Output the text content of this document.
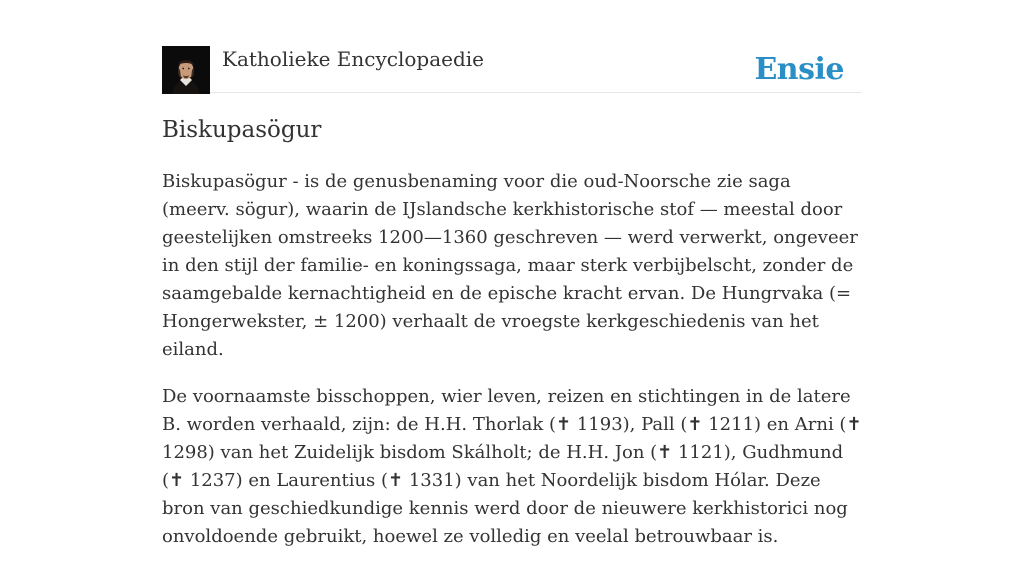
Katholieke Encyclopaedie	Ensie
Biskupasögur

Biskupasögur - is de genusbenaming voor die oud-Noorsche zie saga (meerv. sögur), waarin de IJslandsche kerkhistorische stof — meestal door geestelijken omstreeks 1200—1360 geschreven — werd verwerkt, ongeveer in den stijl der familie- en koningssaga, maar sterk verbijbelscht, zonder de saamgebalde kernachtigheid en de epische kracht ervan. De Hungrvaka (= Hongerwekster, ± 1200) verhaalt de vroegste kerkgeschiedenis van het eiland.

De voornaamste bisschoppen, wier leven, reizen en stichtingen in de latere B. worden verhaald, zijn: de H.H. Thorlak (✝ 1193), Pall (✝ 1211) en Arni (✝ 1298) van het Zuidelijk bisdom Skálholt; de H.H. Jon (✝ 1121), Gudhmund (✝ 1237) en Laurentius (✝ 1331) van het Noordelijk bisdom Hólar. Deze bron van geschiedkundige kennis werd door de nieuwere kerkhistorici nog onvoldoende gebruikt, hoewel ze volledig en veelal betrouwbaar is.
